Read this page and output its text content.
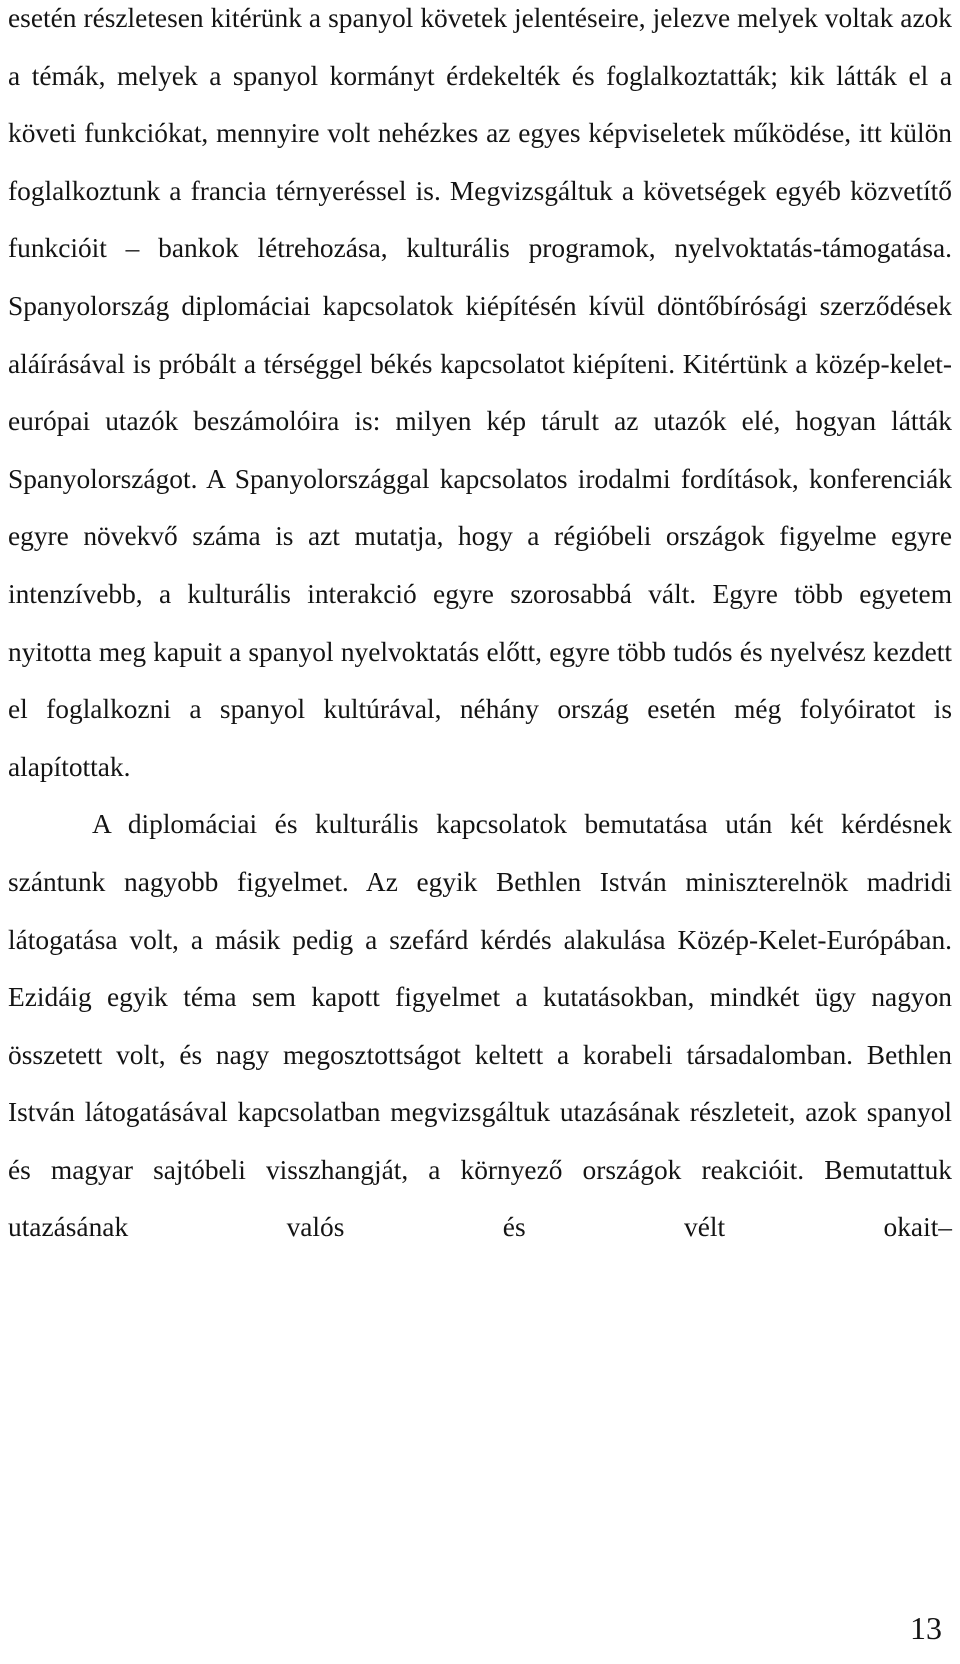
esetén részletesen kitérünk a spanyol követek jelentéseire, jelezve melyek voltak azok a témák, melyek a spanyol kormányt érdekelték és foglalkoztatták; kik látták el a követi funkciókat, mennyire volt nehézkes az egyes képviseletek működése, itt külön foglalkoztunk a francia térnyeréssel is. Megvizsgáltuk a követségek egyéb közvetítő funkcióit – bankok létrehozása, kulturális programok, nyelvoktatás-támogatása. Spanyolország diplomáciai kapcsolatok kiépítésén kívül döntőbírósági szerződések aláírásával is próbált a térséggel békés kapcsolatot kiépíteni. Kitértünk a közép-kelet-európai utazók beszámolóira is: milyen kép tárult az utazók elé, hogyan látták Spanyolországot. A Spanyolországgal kapcsolatos irodalmi fordítások, konferenciák egyre növekvő száma is azt mutatja, hogy a régióbeli országok figyelme egyre intenzívebb, a kulturális interakció egyre szorosabbá vált. Egyre több egyetem nyitotta meg kapuit a spanyol nyelvoktatás előtt, egyre több tudós és nyelvész kezdett el foglalkozni a spanyol kultúrával, néhány ország esetén még folyóiratot is alapítottak.

A diplomáciai és kulturális kapcsolatok bemutatása után két kérdésnek szántunk nagyobb figyelmet. Az egyik Bethlen István miniszterelnök madridi látogatása volt, a másik pedig a szefárd kérdés alakulása Közép-Kelet-Európában. Ezidáig egyik téma sem kapott figyelmet a kutatásokban, mindkét ügy nagyon összetett volt, és nagy megosztottságot keltett a korabeli társadalomban. Bethlen István látogatásával kapcsolatban megvizsgáltuk utazásának részleteit, azok spanyol és magyar sajtóbeli visszhangját, a környező országok reakcióit. Bemutattuk utazásának valós és vélt okait–

13
